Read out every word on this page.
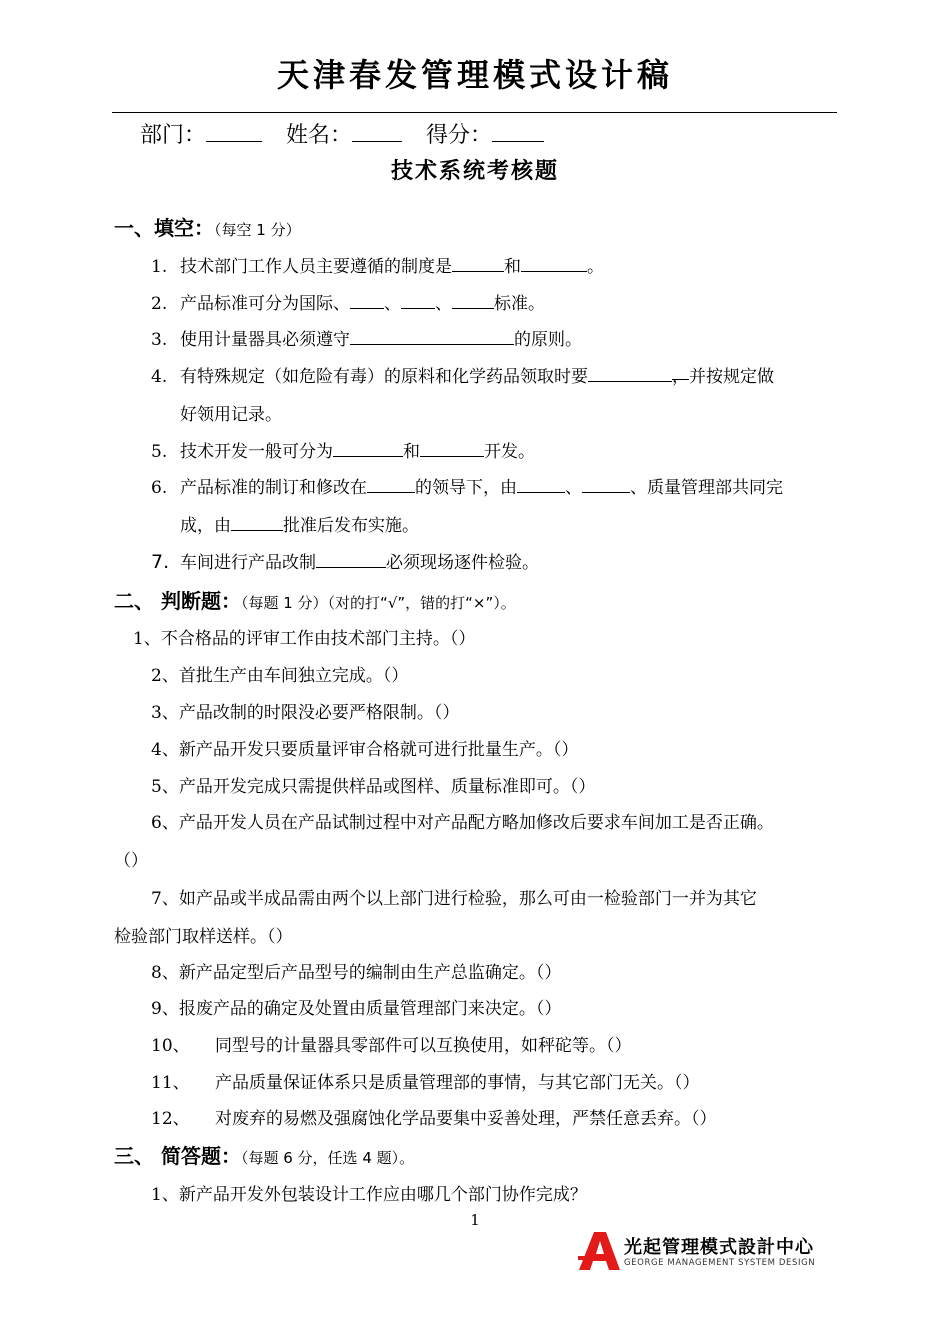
天津春发管理模式设计稿
部门：	姓名：	得分：
技术系统考核题
一、填空：（每空 1 分）
1. 技术部门工作人员主要遵循的制度是	和	。
2. 产品标准可分为国际、 、 、 标准。
3. 使用计量器具必须遵守	的原则。
4. 有特殊规定（如危险有毒）的原料和化学药品领取时要	，并按规定做
好领用记录。
5. 技术开发一般可分为	和	开发。
6. 产品标准的制订和修改在	的领导下，由	、	、质量管理部共同完
成，由	批准后发布实施。
7. 车间进行产品改制	必须现场逐件检验。
二、 判断题：（每题 1 分）（对的打“√”，错的打“×”）。
1、不合格品的评审工作由技术部门主持。（）
2、首批生产由车间独立完成。（）
3、产品改制的时限没必要严格限制。（）
4、新产品开发只要质量评审合格就可进行批量生产。（）
5、产品开发完成只需提供样品或图样、质量标准即可。（）
6、产品开发人员在产品试制过程中对产品配方略加修改后要求车间加工是否正确。
（）
7、如产品或半成品需由两个以上部门进行检验，那么可由一检验部门一并为其它
检验部门取样送样。（）
8、新产品定型后产品型号的编制由生产总监确定。（）
9、报废产品的确定及处置由质量管理部门来决定。（）
10、 同型号的计量器具零部件可以互换使用，如秤砣等。（）
11、 产品质量保证体系只是质量管理部的事情，与其它部门无关。（）
12、 对废弃的易燃及强腐蚀化学品要集中妥善处理，严禁任意丢弃。（）
三、 简答题：（每题 6 分，任选 4 题）。
1、新产品开发外包装设计工作应由哪几个部门协作完成？
1
光起管理模式設計中心
GEORGE MANAGEMENT SYSTEM DESIGN
